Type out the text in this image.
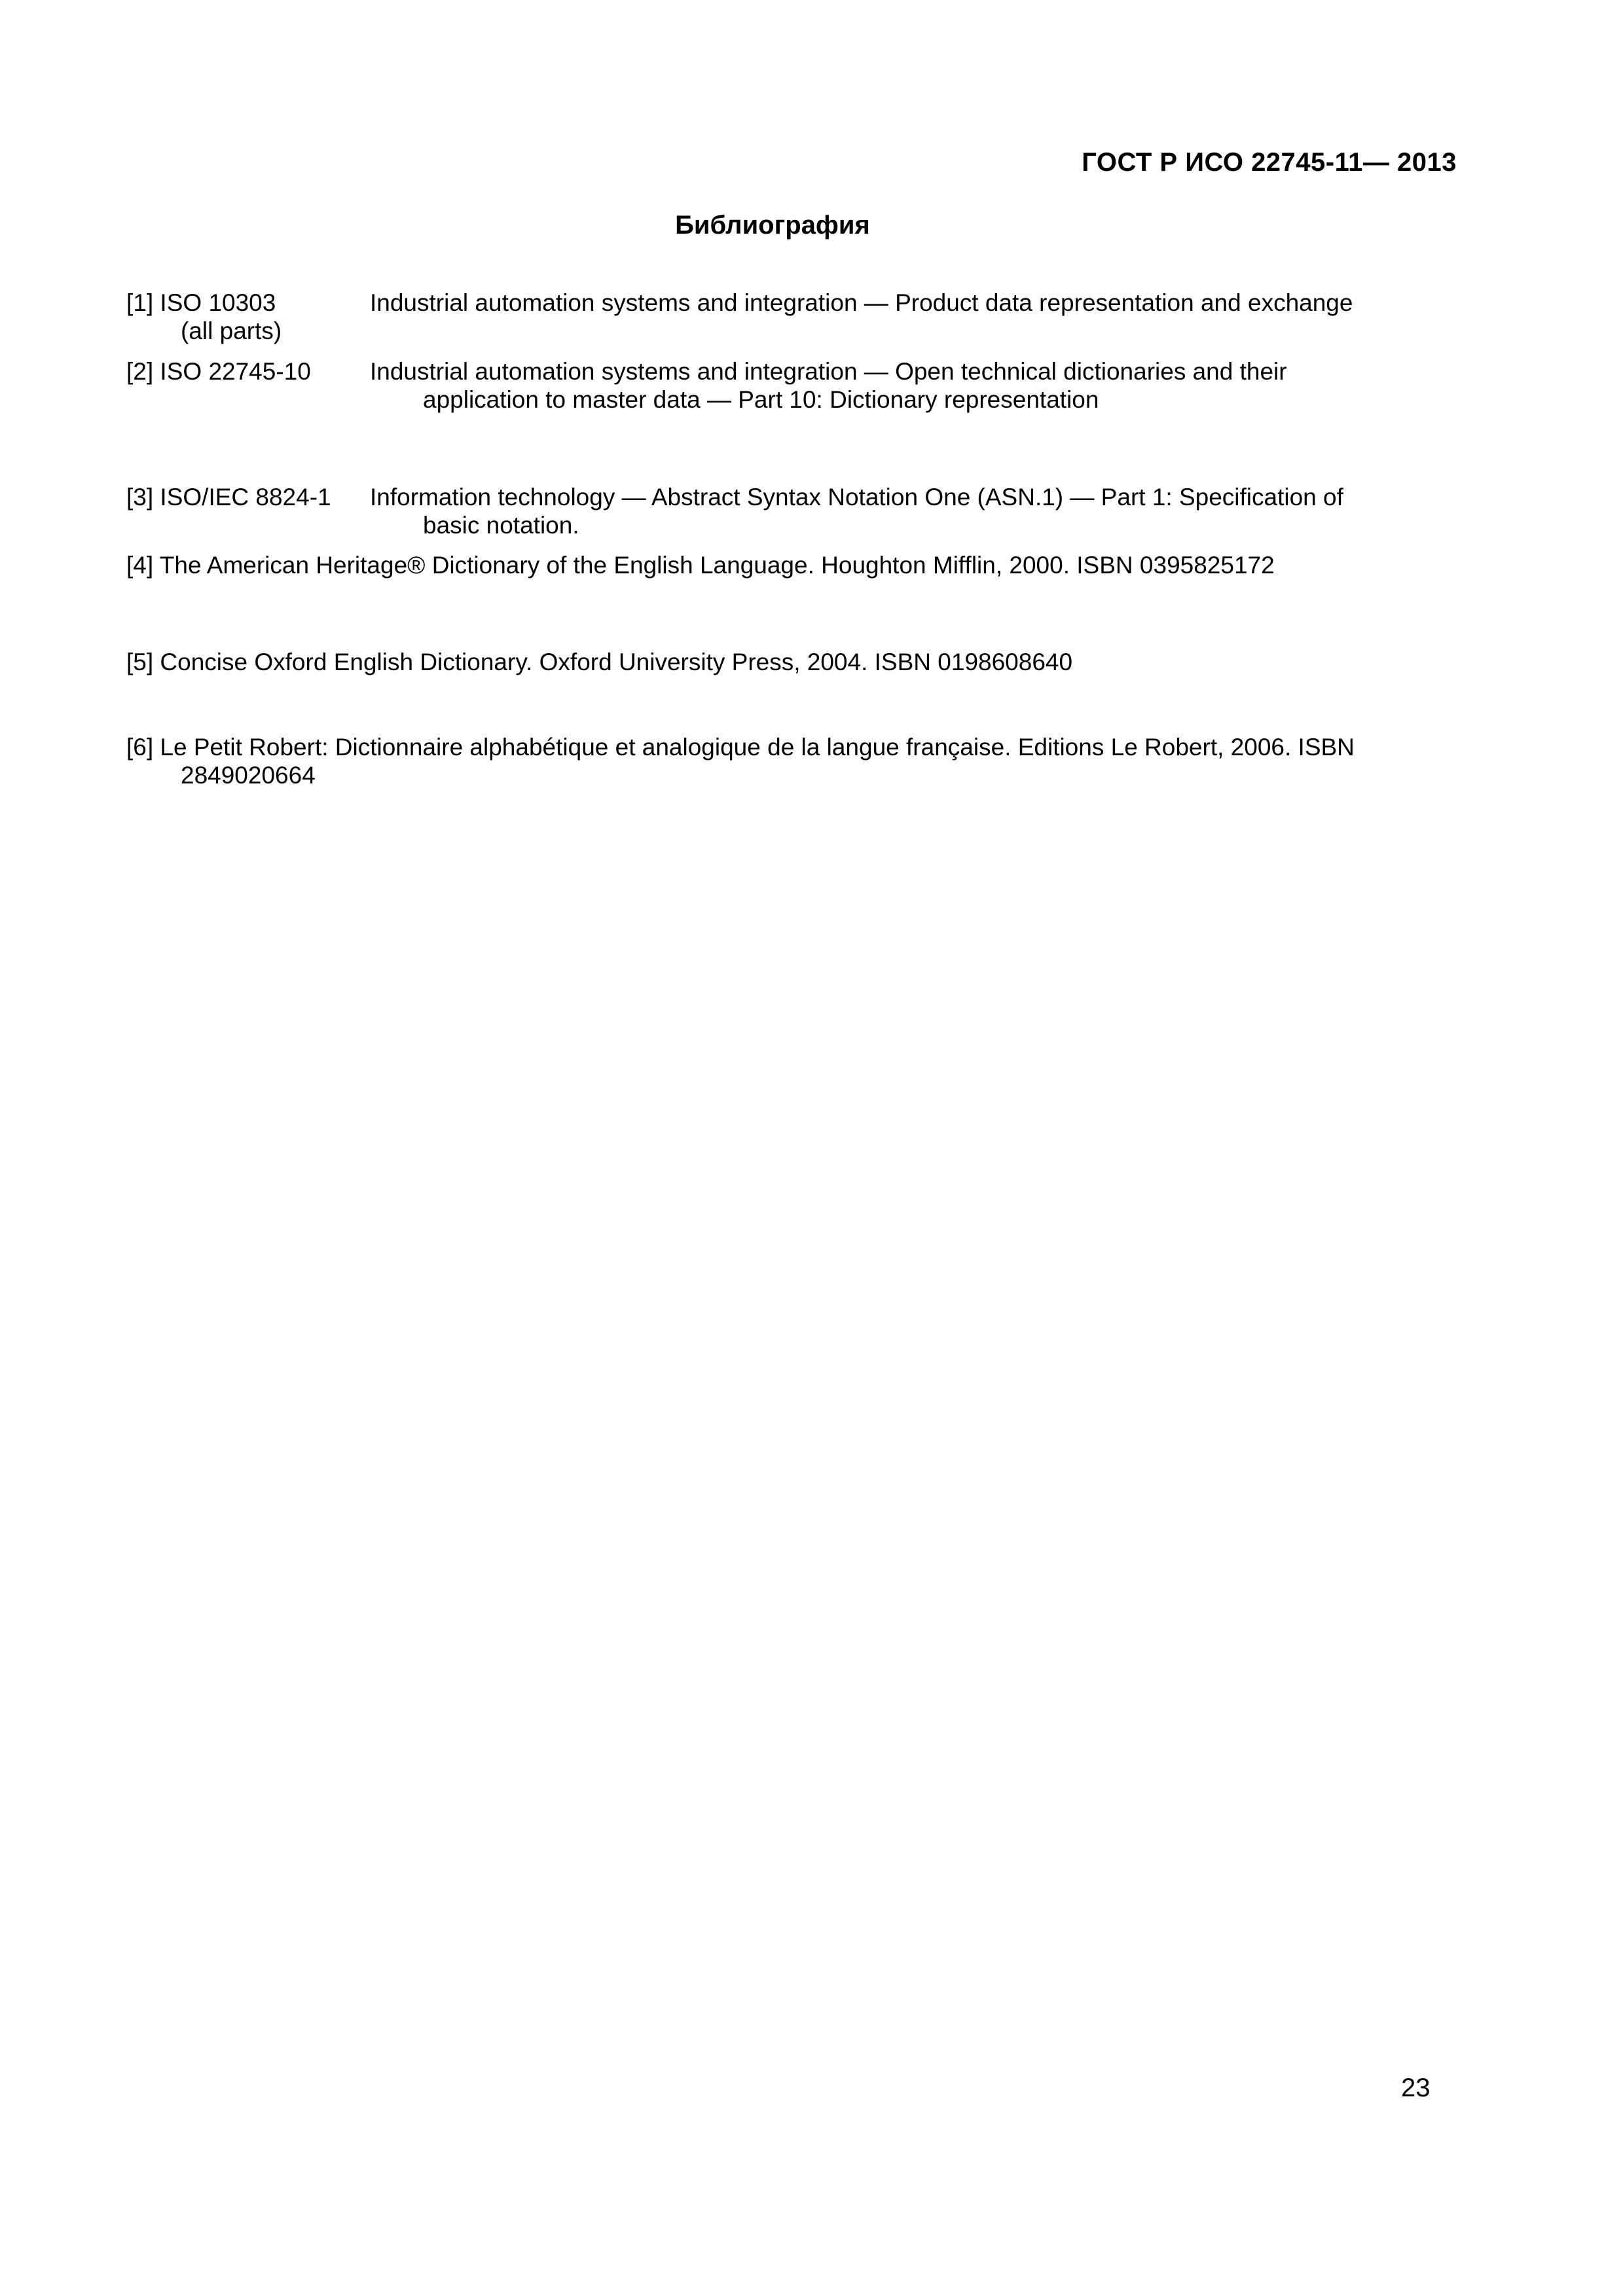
ГОСТ Р ИСО 22745-11— 2013
Библиография
[1] ISO 10303	Industrial automation systems and integration — Product data representation and exchange
(all parts)
[2] ISO 22745-10	Industrial automation systems and integration — Open technical dictionaries and their
application to master data — Part 10: Dictionary representation
[3] ISO/IEC 8824-1	Information technology — Abstract Syntax Notation One (ASN.1) — Part 1: Specification of
basic notation.
[4] The American Heritage® Dictionary of the English Language. Houghton Mifflin, 2000. ISBN 0395825172
[5] Concise Oxford English Dictionary. Oxford University Press, 2004. ISBN 0198608640
[6] Le Petit Robert: Dictionnaire alphabétique et analogique de la langue française. Editions Le Robert, 2006. ISBN
2849020664
23
